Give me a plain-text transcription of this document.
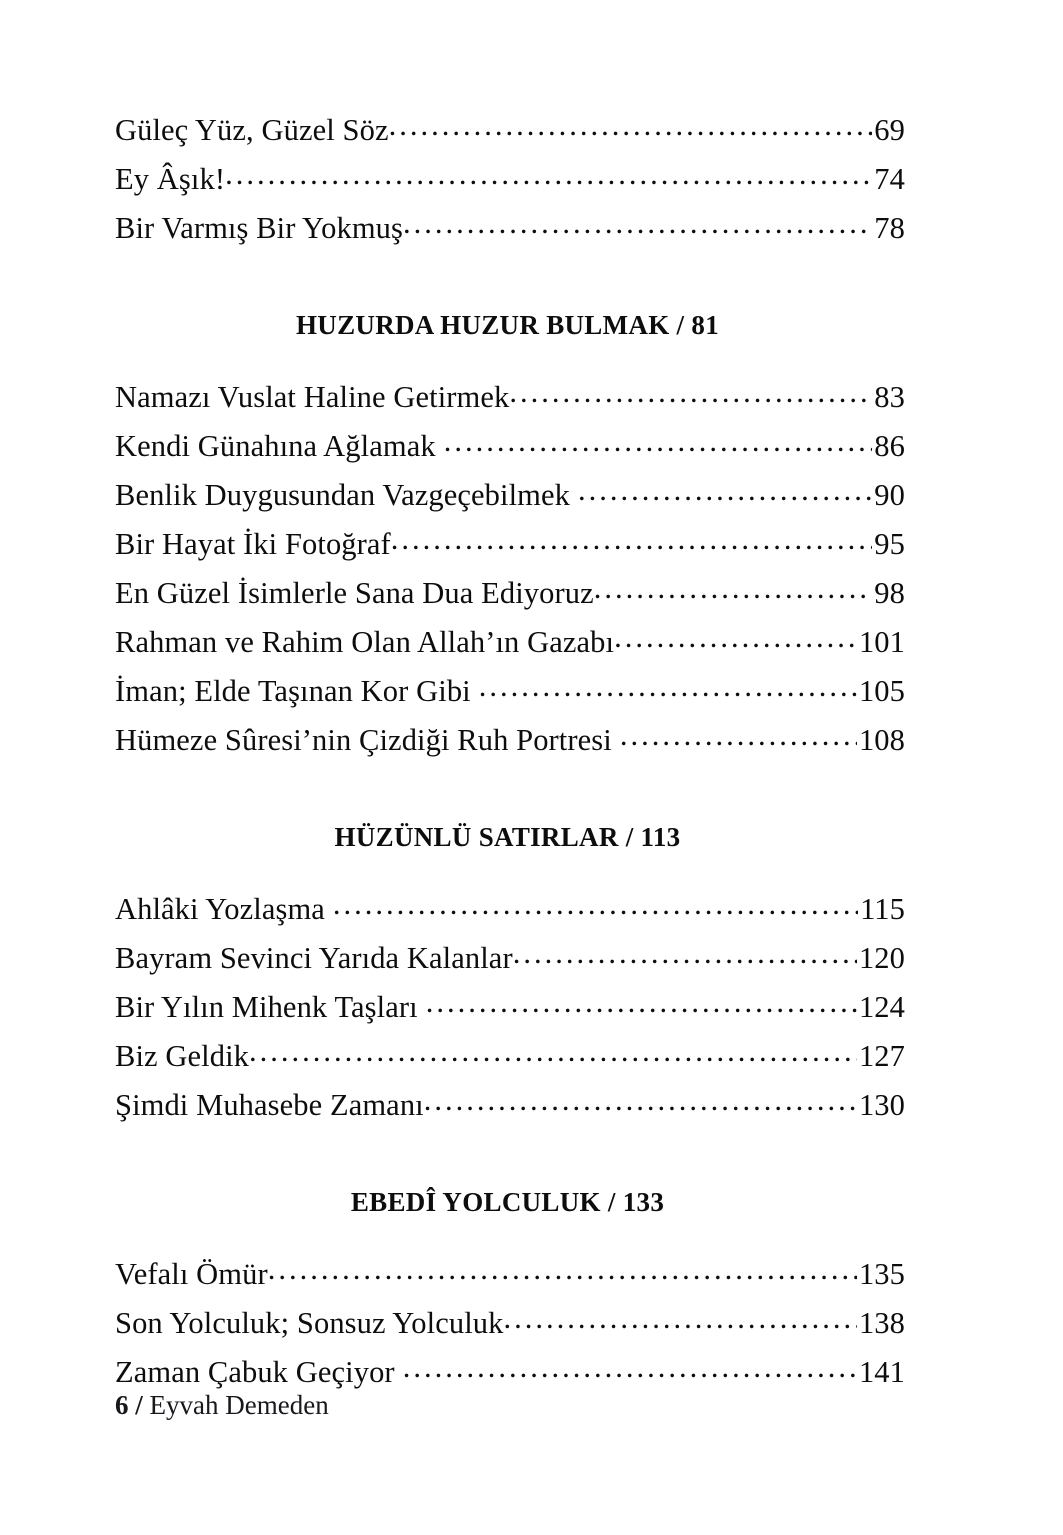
Güleç Yüz, Güzel Söz .....	69
Ey Âşık! .....	74
Bir Varmış Bir Yokmuş .....	78
HUZURDA HUZUR BULMAK / 81
Namazı Vuslat Haline Getirmek .....	83
Kendi Günahına Ağlamak .....	86
Benlik Duygusundan Vazgeçebilmek .....	90
Bir Hayat İki Fotoğraf .....	95
En Güzel İsimlerle Sana Dua Ediyoruz .....	98
Rahman ve Rahim Olan Allah’ın Gazabı .....	101
İman; Elde Taşınan Kor Gibi .....	105
Hümeze Sûresi’nin Çizdiği Ruh Portresi .....	108
HÜZÜNLÜ SATIRLAR / 113
Ahlâki Yozlaşma .....	115
Bayram Sevinci Yarıda Kalanlar .....	120
Bir Yılın Mihenk Taşları .....	124
Biz Geldik .....	127
Şimdi Muhasebe Zamanı .....	130
EBEDÎ YOLCULUK / 133
Vefalı Ömür .....	135
Son Yolculuk; Sonsuz Yolculuk .....	138
Zaman Çabuk Geçiyor .....	141
6 / Eyvah Demeden
